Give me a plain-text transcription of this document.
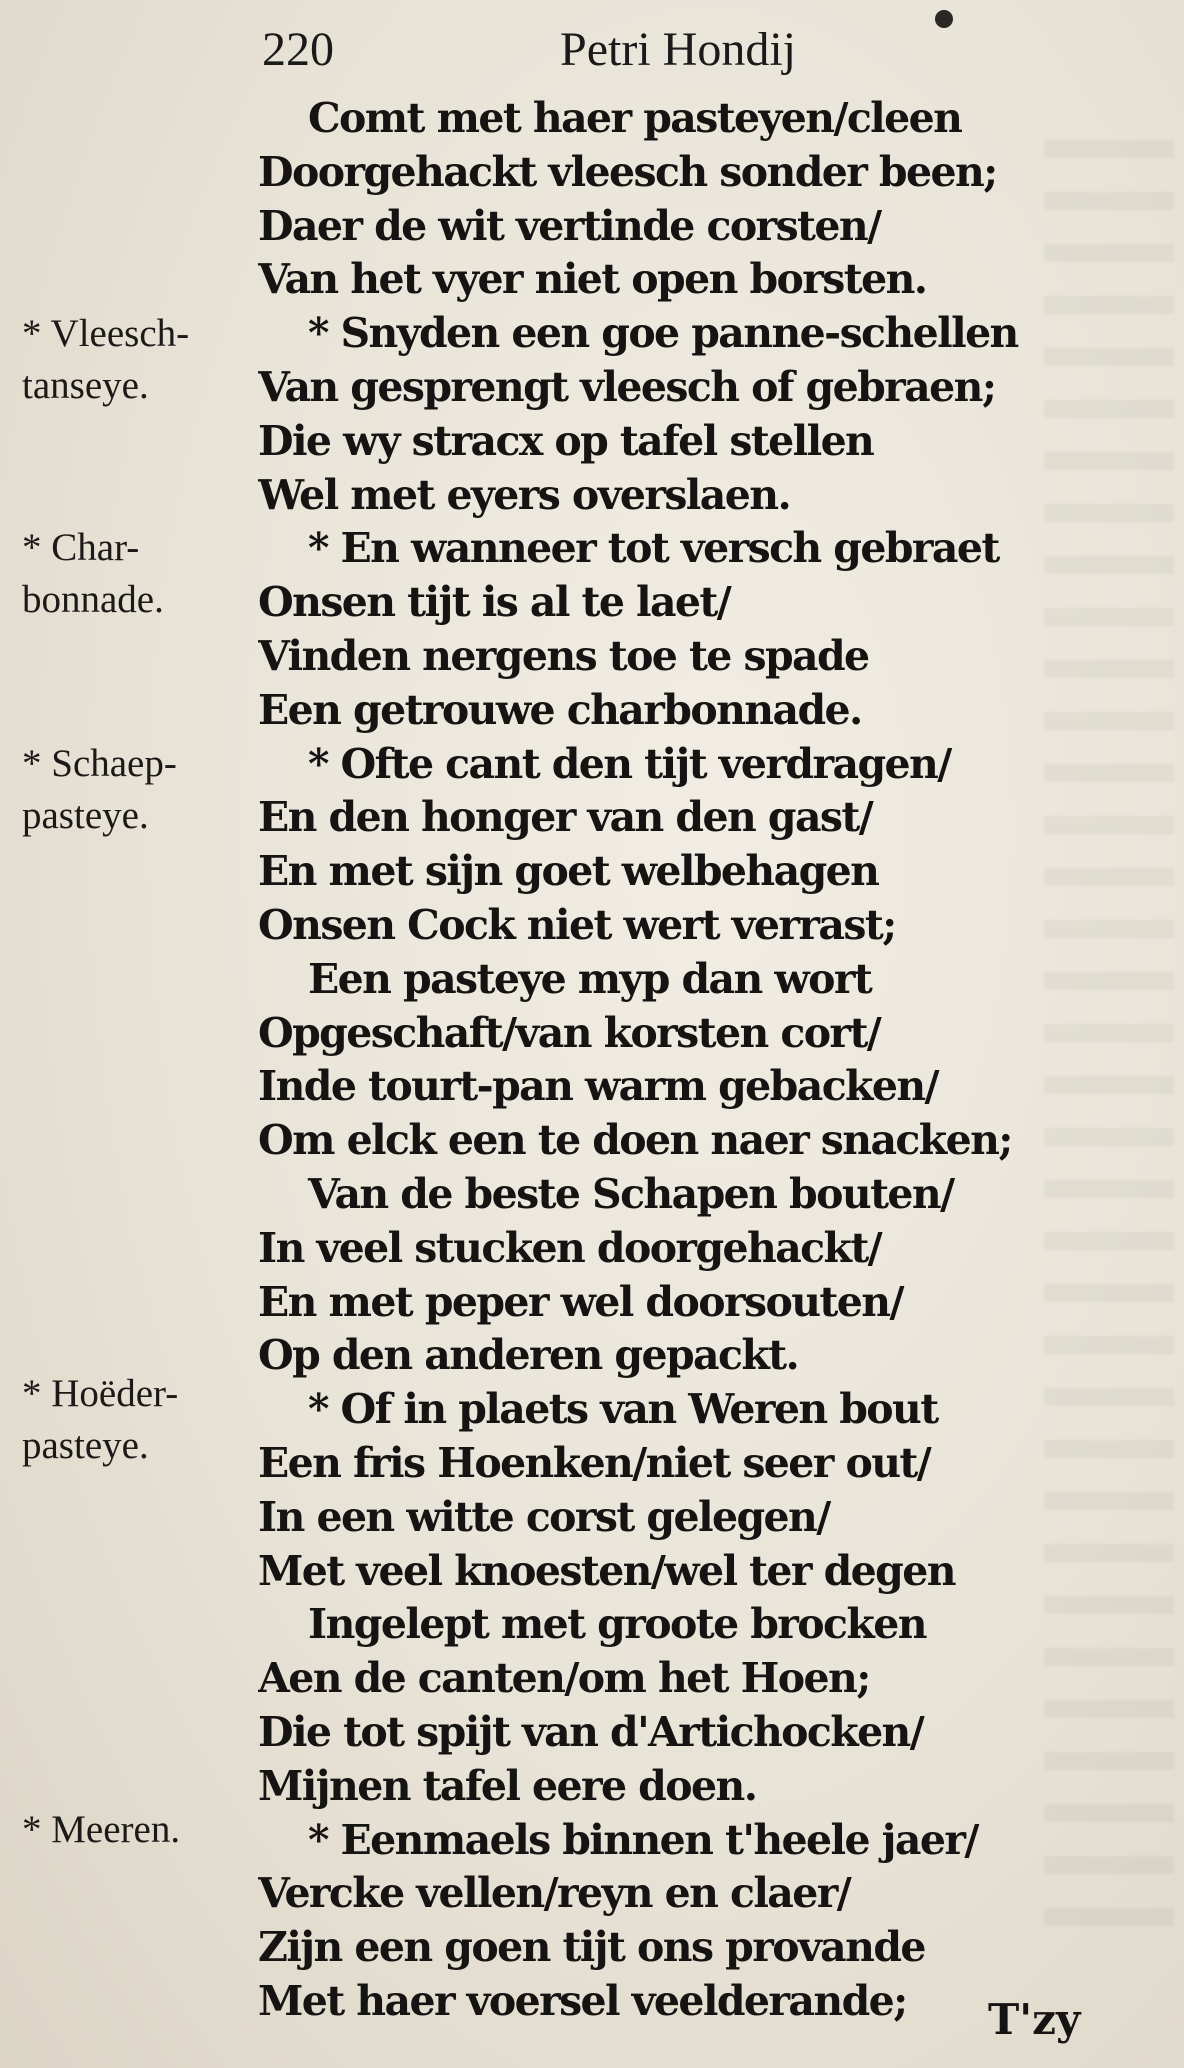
220	Petri Hondij
Comt met haer pasteyen/cleen
Doorgehackt vleesch sonder been;
Daer de wit vertinde corsten/
Van het vyer niet open borsten.
* Snyden een goe panne-schellen
Van gesprengt vleesch of gebraen;
Die wy stracx op tafel stellen
Wel met eyers overslaen.
* En wanneer tot versch gebraet
Onsen tijt is al te laet/
Vinden nergens toe te spade
Een getrouwe charbonnade.
* Ofte cant den tijt verdragen/
En den honger van den gast/
En met sijn goet welbehagen
Onsen Cock niet wert verrast;
Een pasteye myp dan wort
Opgeschaft/van korsten cort/
Inde tourt-pan warm gebacken/
Om elck een te doen naer snacken;
Van de beste Schapen bouten/
In veel stucken doorgehackt/
En met peper wel doorsouten/
Op den anderen gepackt.
* Of in plaets van Weren bout
Een fris Hoenken/niet seer out/
In een witte corst gelegen/
Met veel knoesten/wel ter degen
Ingelept met groote brocken
Aen de canten/om het Hoen;
Die tot spijt van d'Artichocken/
Mijnen tafel eere doen.
* Eenmaels binnen t'heele jaer/
Vercke vellen/reyn en claer/
Zijn een goen tijt ons provande
Met haer voersel veelderande;
* Vleesch-
tanseye.
* Char-
bonnade.
* Schaep-
pasteye.
* Hoëder-
pasteye.
* Meeren.
T'zy
